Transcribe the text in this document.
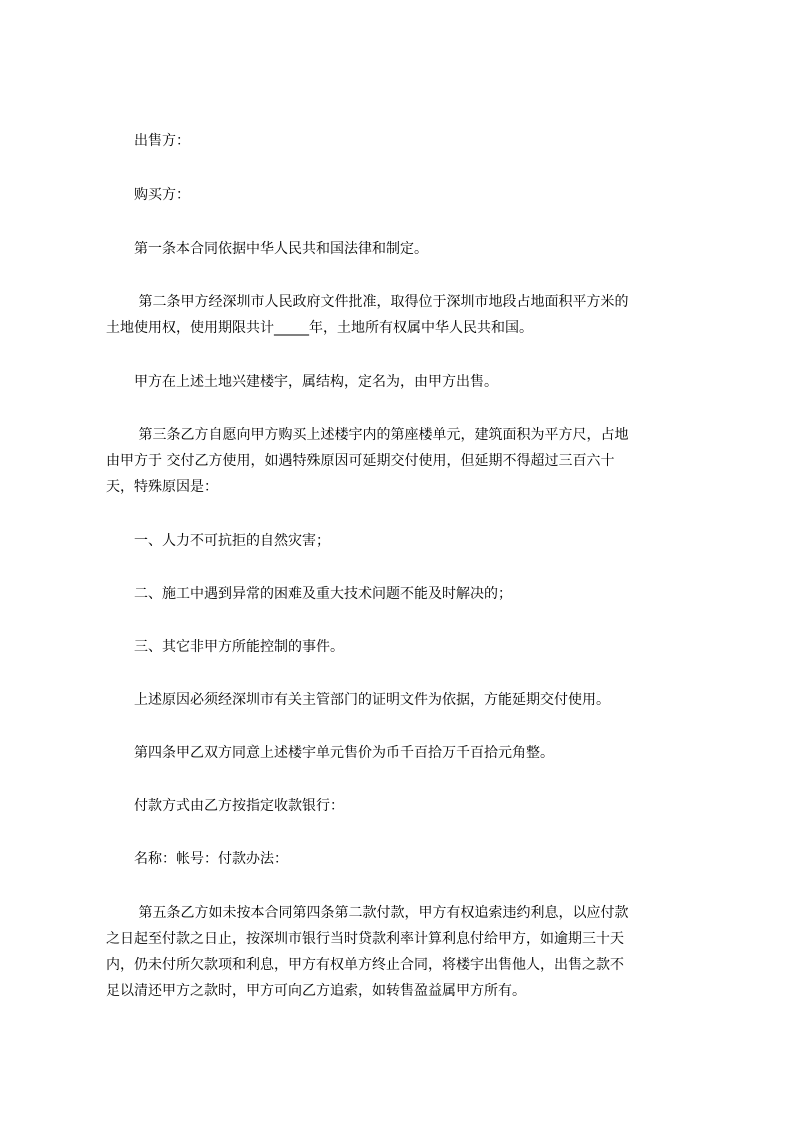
　　出售方：
　　购买方：
　　第一条本合同依据中华人民共和国法律和制定。
　　 第二条甲方经深圳市人民政府文件批准，取得位于深圳市地段占地面积平方米的
土地使用权，使用期限共计_____年，土地所有权属中华人民共和国。
　　甲方在上述土地兴建楼宇，属结构，定名为，由甲方出售。
　　 第三条乙方自愿向甲方购买上述楼宇内的第座楼单元，建筑面积为平方尺，占地
由甲方于 交付乙方使用，如遇特殊原因可延期交付使用，但延期不得超过三百六十
天，特殊原因是：
　　一、人力不可抗拒的自然灾害；
　　二、施工中遇到异常的困难及重大技术问题不能及时解决的；
　　三、其它非甲方所能控制的事件。
　　上述原因必须经深圳市有关主管部门的证明文件为依据，方能延期交付使用。
　　第四条甲乙双方同意上述楼宇单元售价为币千百拾万千百拾元角整。
　　付款方式由乙方按指定收款银行：
　　名称：帐号：付款办法：
　　 第五条乙方如未按本合同第四条第二款付款，甲方有权追索违约利息，以应付款
之日起至付款之日止，按深圳市银行当时贷款利率计算利息付给甲方，如逾期三十天
内，仍未付所欠款项和利息，甲方有权单方终止合同，将楼宇出售他人，出售之款不
足以清还甲方之款时，甲方可向乙方追索，如转售盈益属甲方所有。
